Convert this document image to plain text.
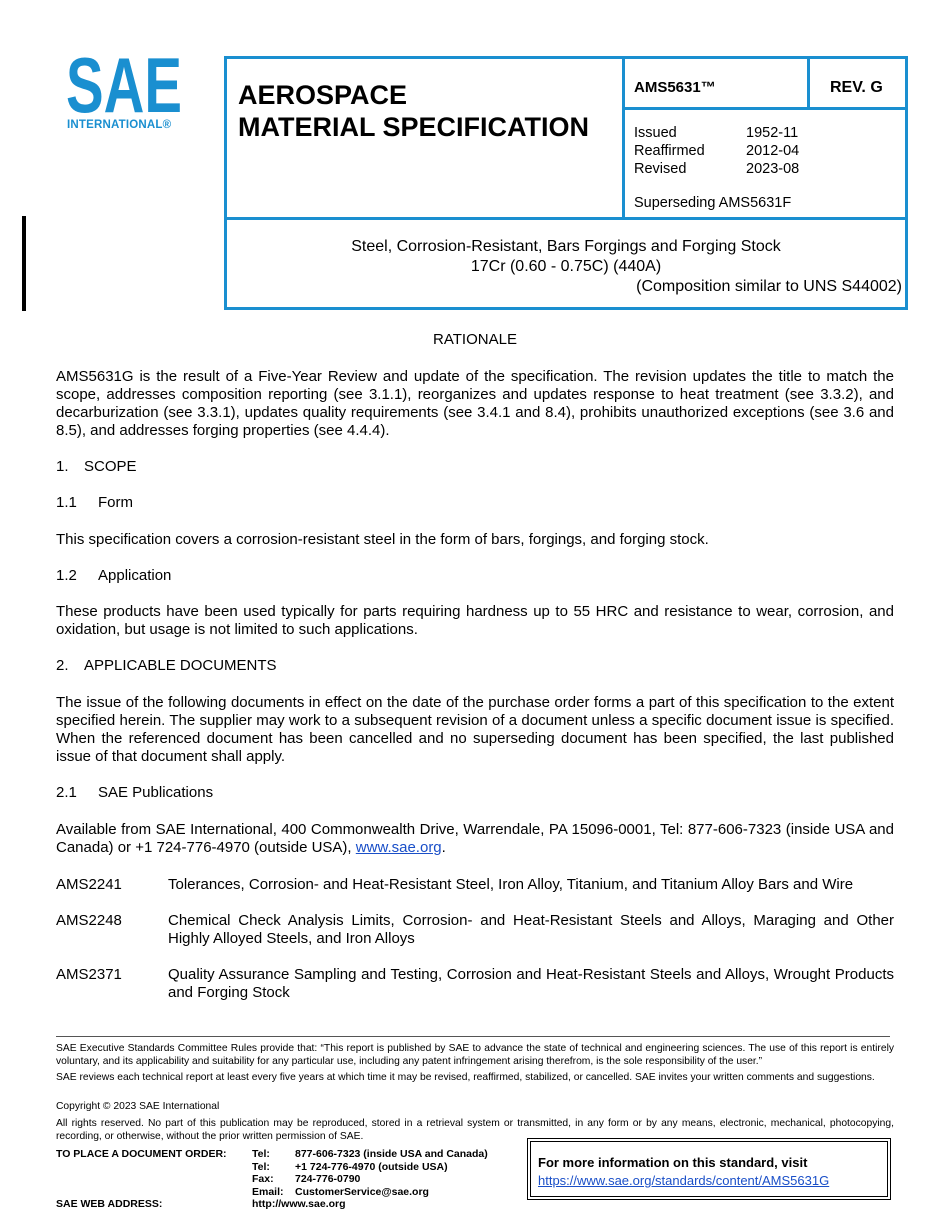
SAE
INTERNATIONAL®
AEROSPACE
MATERIAL SPECIFICATION
AMS5631™	REV. G
Issued	1952-11
Reaffirmed	2012-04
Revised	2023-08
Superseding AMS5631F
Steel, Corrosion-Resistant, Bars Forgings and Forging Stock
17Cr (0.60 - 0.75C) (440A)
(Composition similar to UNS S44002)
RATIONALE
AMS5631G is the result of a Five-Year Review and update of the specification. The revision updates the title to match the scope, addresses composition reporting (see 3.1.1), reorganizes and updates response to heat treatment (see 3.3.2), and decarburization (see 3.3.1), updates quality requirements (see 3.4.1 and 8.4), prohibits unauthorized exceptions (see 3.6 and 8.5), and addresses forging properties (see 4.4.4).
1. SCOPE
1.1 Form
This specification covers a corrosion-resistant steel in the form of bars, forgings, and forging stock.
1.2 Application
These products have been used typically for parts requiring hardness up to 55 HRC and resistance to wear, corrosion, and oxidation, but usage is not limited to such applications.
2. APPLICABLE DOCUMENTS
The issue of the following documents in effect on the date of the purchase order forms a part of this specification to the extent specified herein. The supplier may work to a subsequent revision of a document unless a specific document issue is specified. When the referenced document has been cancelled and no superseding document has been specified, the last published issue of that document shall apply.
2.1 SAE Publications
Available from SAE International, 400 Commonwealth Drive, Warrendale, PA 15096-0001, Tel: 877-606-7323 (inside USA and Canada) or +1 724-776-4970 (outside USA), www.sae.org.
AMS2241	Tolerances, Corrosion- and Heat-Resistant Steel, Iron Alloy, Titanium, and Titanium Alloy Bars and Wire
AMS2248	Chemical Check Analysis Limits, Corrosion- and Heat-Resistant Steels and Alloys, Maraging and Other Highly Alloyed Steels, and Iron Alloys
AMS2371	Quality Assurance Sampling and Testing, Corrosion and Heat-Resistant Steels and Alloys, Wrought Products and Forging Stock
SAE Executive Standards Committee Rules provide that: “This report is published by SAE to advance the state of technical and engineering sciences. The use of this report is entirely voluntary, and its applicability and suitability for any particular use, including any patent infringement arising therefrom, is the sole responsibility of the user.”
SAE reviews each technical report at least every five years at which time it may be revised, reaffirmed, stabilized, or cancelled. SAE invites your written comments and suggestions.
Copyright © 2023 SAE International
All rights reserved. No part of this publication may be reproduced, stored in a retrieval system or transmitted, in any form or by any means, electronic, mechanical, photocopying, recording, or otherwise, without the prior written permission of SAE.
TO PLACE A DOCUMENT ORDER:	Tel:	877-606-7323 (inside USA and Canada)
Tel:	+1 724-776-4970 (outside USA)
Fax:	724-776-0790
Email:	CustomerService@sae.org
SAE WEB ADDRESS:	http://www.sae.org
For more information on this standard, visit
https://www.sae.org/standards/content/AMS5631G
